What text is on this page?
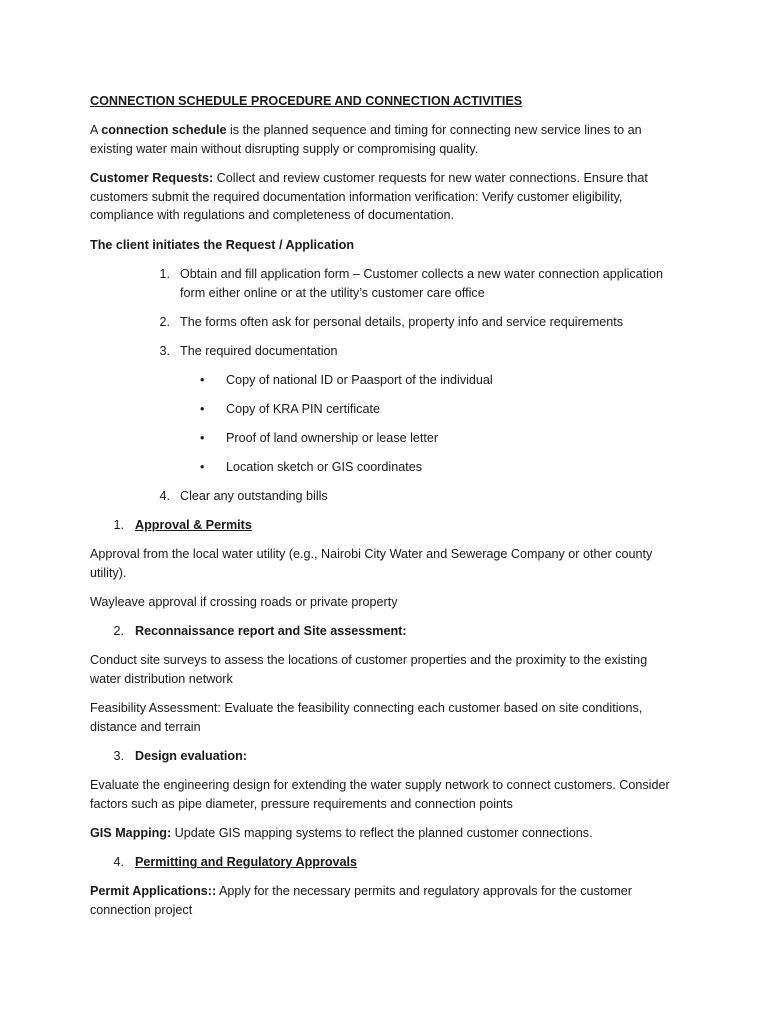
CONNECTION SCHEDULE PROCEDURE AND CONNECTION ACTIVITIES

A connection schedule is the planned sequence and timing for connecting new service lines to an existing water main without disrupting supply or compromising quality.

Customer Requests: Collect and review customer requests for new water connections. Ensure that customers submit the required documentation information verification: Verify customer eligibility, compliance with regulations and completeness of documentation.

The client initiates the Request / Application

1. Obtain and fill application form – Customer collects a new water connection application
form either online or at the utility’s customer care office

2. The forms often ask for personal details, property info and service requirements

3. The required documentation

• Copy of national ID or Paasport of the individual

• Copy of KRA PIN certificate

• Proof of land ownership or lease letter

• Location sketch or GIS coordinates

4. Clear any outstanding bills

1. Approval & Permits

Approval from the local water utility (e.g., Nairobi City Water and Sewerage Company or other county utility).

Wayleave approval if crossing roads or private property

2. Reconnaissance report and Site assessment:

Conduct site surveys to assess the locations of customer properties and the proximity to the existing water distribution network

Feasibility Assessment: Evaluate the feasibility connecting each customer based on site conditions, distance and terrain

3. Design evaluation:

Evaluate the engineering design for extending the water supply network to connect customers. Consider factors such as pipe diameter, pressure requirements and connection points

GIS Mapping: Update GIS mapping systems to reflect the planned customer connections.

4. Permitting and Regulatory Approvals

Permit Applications:: Apply for the necessary permits and regulatory approvals for the customer connection project
